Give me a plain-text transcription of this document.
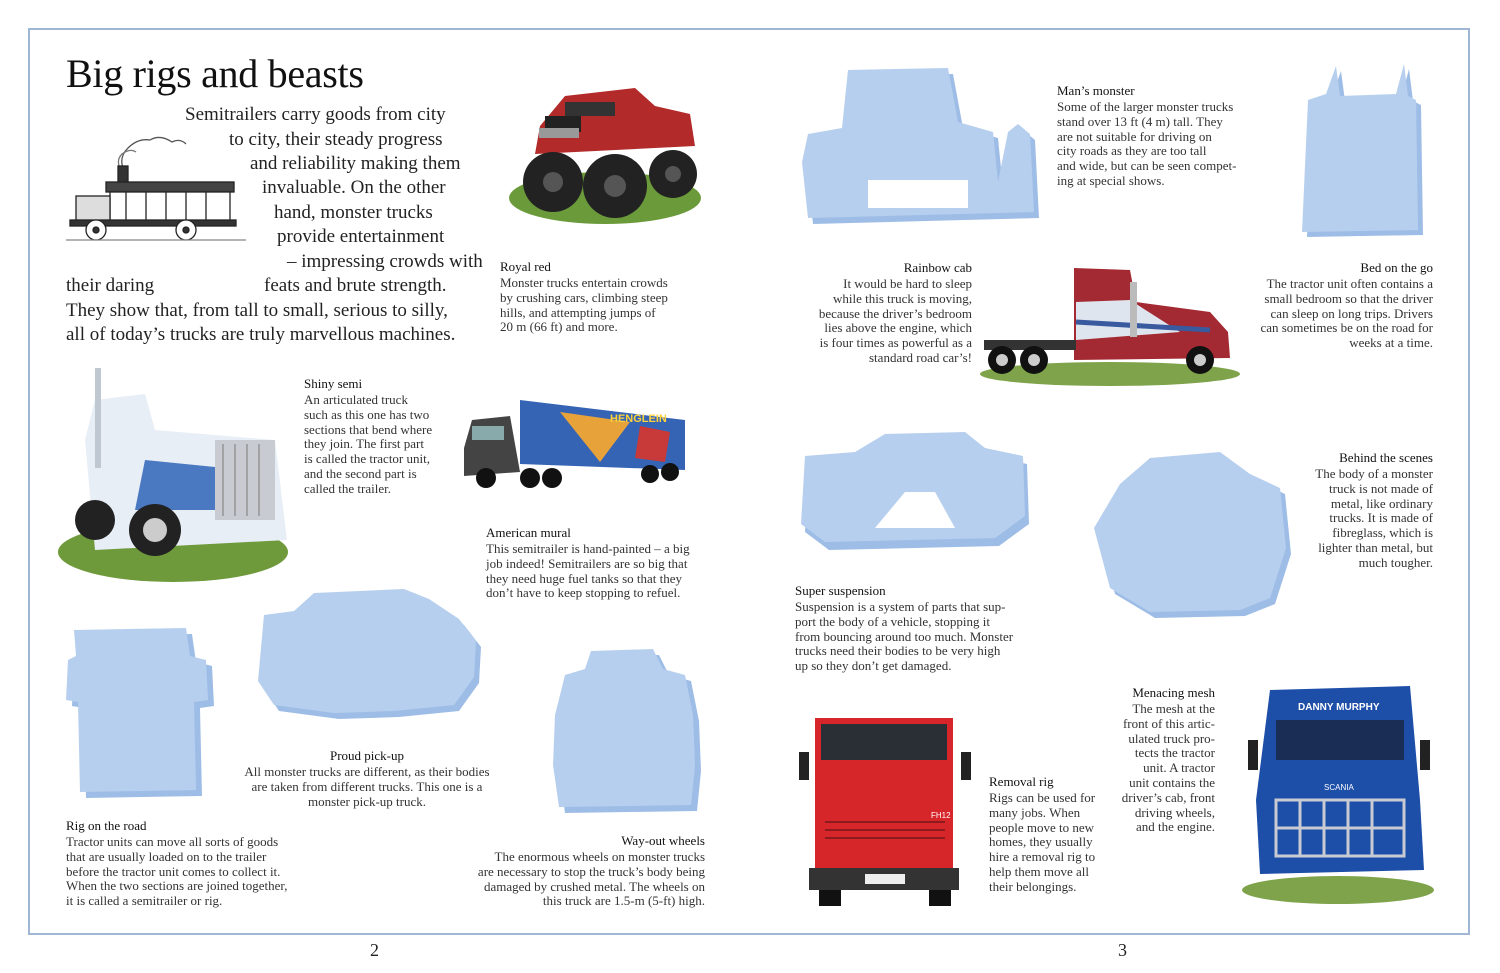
Big rigs and beasts
Semitrailers carry goods from city
to city, their steady progress
and reliability making them
invaluable. On the other
hand, monster trucks
provide entertainment
– impressing crowds with
their daring	feats and brute strength.
They show that, from tall to small, serious to silly,
all of today’s trucks are truly marvellous machines.
Royal red
Monster trucks entertain crowds
by crushing cars, climbing steep
hills, and attempting jumps of
20 m (66 ft) and more.
Shiny semi
An articulated truck
such as this one has two
sections that bend where
they join. The first part
is called the tractor unit,
and the second part is
called the trailer.
HENGLEIN
American mural
This semitrailer is hand-painted – a big
job indeed! Semitrailers are so big that
they need huge fuel tanks so that they
don’t have to keep stopping to refuel.
Proud pick-up
All monster trucks are different, as their bodies
are taken from different trucks. This one is a
monster pick-up truck.
Rig on the road
Tractor units can move all sorts of goods
that are usually loaded on to the trailer
before the tractor unit comes to collect it.
When the two sections are joined together,
it is called a semitrailer or rig.
Way-out wheels
The enormous wheels on monster trucks
are necessary to stop the truck’s body being
damaged by crushed metal. The wheels on
this truck are 1.5-m (5-ft) high.
FH12
DANNY MURPHY
SCANIA
Man’s monster
Some of the larger monster trucks
stand over 13 ft (4 m) tall. They
are not suitable for driving on
city roads as they are too tall
and wide, but can be seen compet-
ing at special shows.
Rainbow cab
It would be hard to sleep
while this truck is moving,
because the driver’s bedroom
lies above the engine, which
is four times as powerful as a
standard road car’s!
Bed on the go
The tractor unit often contains a
small bedroom so that the driver
can sleep on long trips. Drivers
can sometimes be on the road for
weeks at a time.
Behind the scenes
The body of a monster
truck is not made of
metal, like ordinary
trucks. It is made of
fibreglass, which is
lighter than metal, but
much tougher.
Super suspension
Suspension is a system of parts that sup-
port the body of a vehicle, stopping it
from bouncing around too much. Monster
trucks need their bodies to be very high
up so they don’t get damaged.
Menacing mesh
The mesh at the
front of this artic-
ulated truck pro-
tects the tractor
unit. A tractor
unit contains the
driver’s cab, front
driving wheels,
and the engine.
Removal rig
Rigs can be used for
many jobs. When
people move to new
homes, they usually
hire a removal rig to
help them move all
their belongings.
2	3
